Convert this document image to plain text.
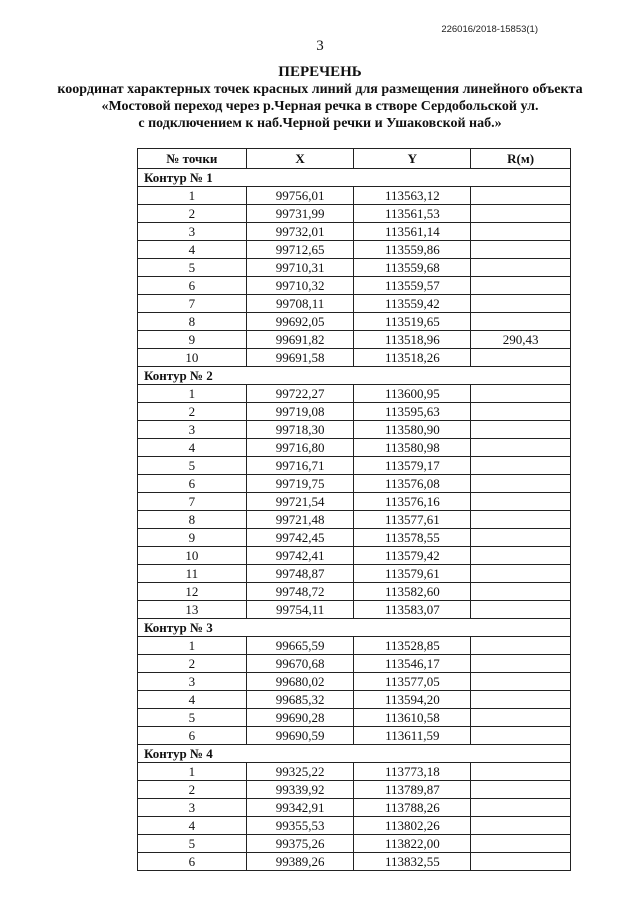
226016/2018-15853(1)
3
ПЕРЕЧЕНЬ
координат характерных точек красных линий для размещения линейного объекта
«Мостовой переход через р.Черная речка в створе Сердобольской ул.
с подключением к наб.Черной речки и Ушаковской наб.»
№ точки	X	Y	R(м)
Контур № 1			
1	99756,01	113563,12	
2	99731,99	113561,53	
3	99732,01	113561,14	
4	99712,65	113559,86	
5	99710,31	113559,68	
6	99710,32	113559,57	
7	99708,11	113559,42	
8	99692,05	113519,65	
9	99691,82	113518,96	290,43
10	99691,58	113518,26	
Контур № 2			
1	99722,27	113600,95	
2	99719,08	113595,63	
3	99718,30	113580,90	
4	99716,80	113580,98	
5	99716,71	113579,17	
6	99719,75	113576,08	
7	99721,54	113576,16	
8	99721,48	113577,61	
9	99742,45	113578,55	
10	99742,41	113579,42	
11	99748,87	113579,61	
12	99748,72	113582,60	
13	99754,11	113583,07	
Контур № 3			
1	99665,59	113528,85	
2	99670,68	113546,17	
3	99680,02	113577,05	
4	99685,32	113594,20	
5	99690,28	113610,58	
6	99690,59	113611,59	
Контур № 4			
1	99325,22	113773,18	
2	99339,92	113789,87	
3	99342,91	113788,26	
4	99355,53	113802,26	
5	99375,26	113822,00	
6	99389,26	113832,55	
